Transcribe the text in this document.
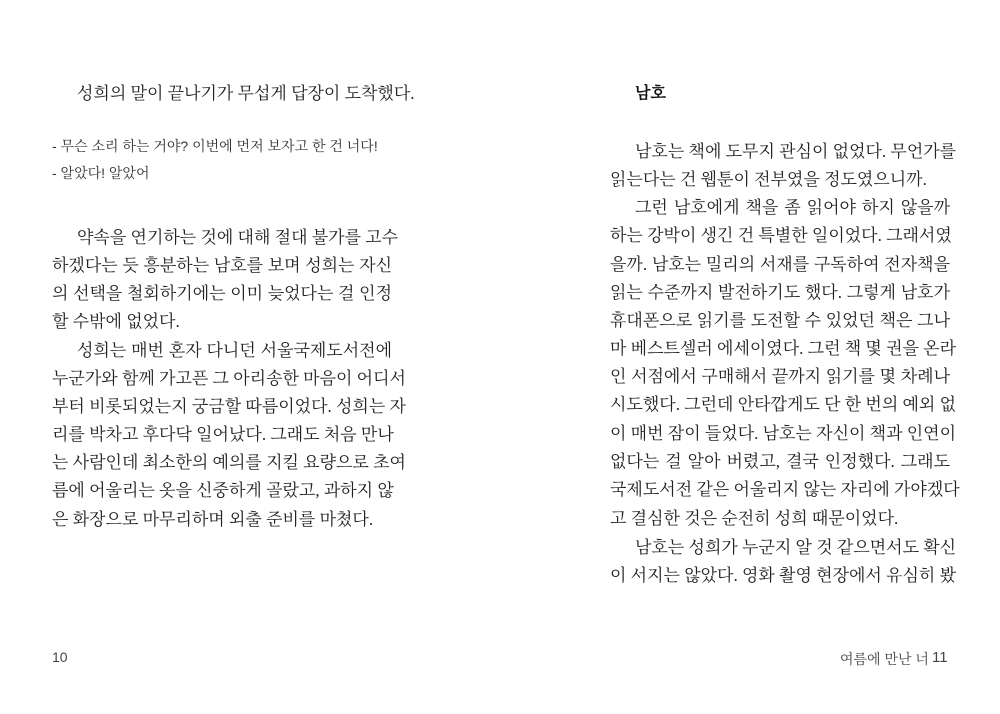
성희의 말이 끝나기가 무섭게 답장이 도착했다.
- 무슨 소리 하는 거야? 이번에 먼저 보자고 한 건 너다!
- 알았다! 알았어
약속을 연기하는 것에 대해 절대 불가를 고수
하겠다는 듯 흥분하는 남호를 보며 성희는 자신
의 선택을 철회하기에는 이미 늦었다는 걸 인정
할 수밖에 없었다.
성희는 매번 혼자 다니던 서울국제도서전에
누군가와 함께 가고픈 그 아리송한 마음이 어디서
부터 비롯되었는지 궁금할 따름이었다. 성희는 자
리를 박차고 후다닥 일어났다. 그래도 처음 만나
는 사람인데 최소한의 예의를 지킬 요량으로 초여
름에 어울리는 옷을 신중하게 골랐고, 과하지 않
은 화장으로 마무리하며 외출 준비를 마쳤다.
10
남호
남호는 책에 도무지 관심이 없었다. 무언가를
읽는다는 건 웹툰이 전부였을 정도였으니까.
그런 남호에게 책을 좀 읽어야 하지 않을까
하는 강박이 생긴 건 특별한 일이었다. 그래서였
을까. 남호는 밀리의 서재를 구독하여 전자책을
읽는 수준까지 발전하기도 했다. 그렇게 남호가
휴대폰으로 읽기를 도전할 수 있었던 책은 그나
마 베스트셀러 에세이였다. 그런 책 몇 권을 온라
인 서점에서 구매해서 끝까지 읽기를 몇 차례나
시도했다. 그런데 안타깝게도 단 한 번의 예외 없
이 매번 잠이 들었다. 남호는 자신이 책과 인연이
없다는 걸 알아 버렸고, 결국 인정했다. 그래도
국제도서전 같은 어울리지 않는 자리에 가야겠다
고 결심한 것은 순전히 성희 때문이었다.
남호는 성희가 누군지 알 것 같으면서도 확신
이 서지는 않았다. 영화 촬영 현장에서 유심히 봤
여름에 만난 너 11
